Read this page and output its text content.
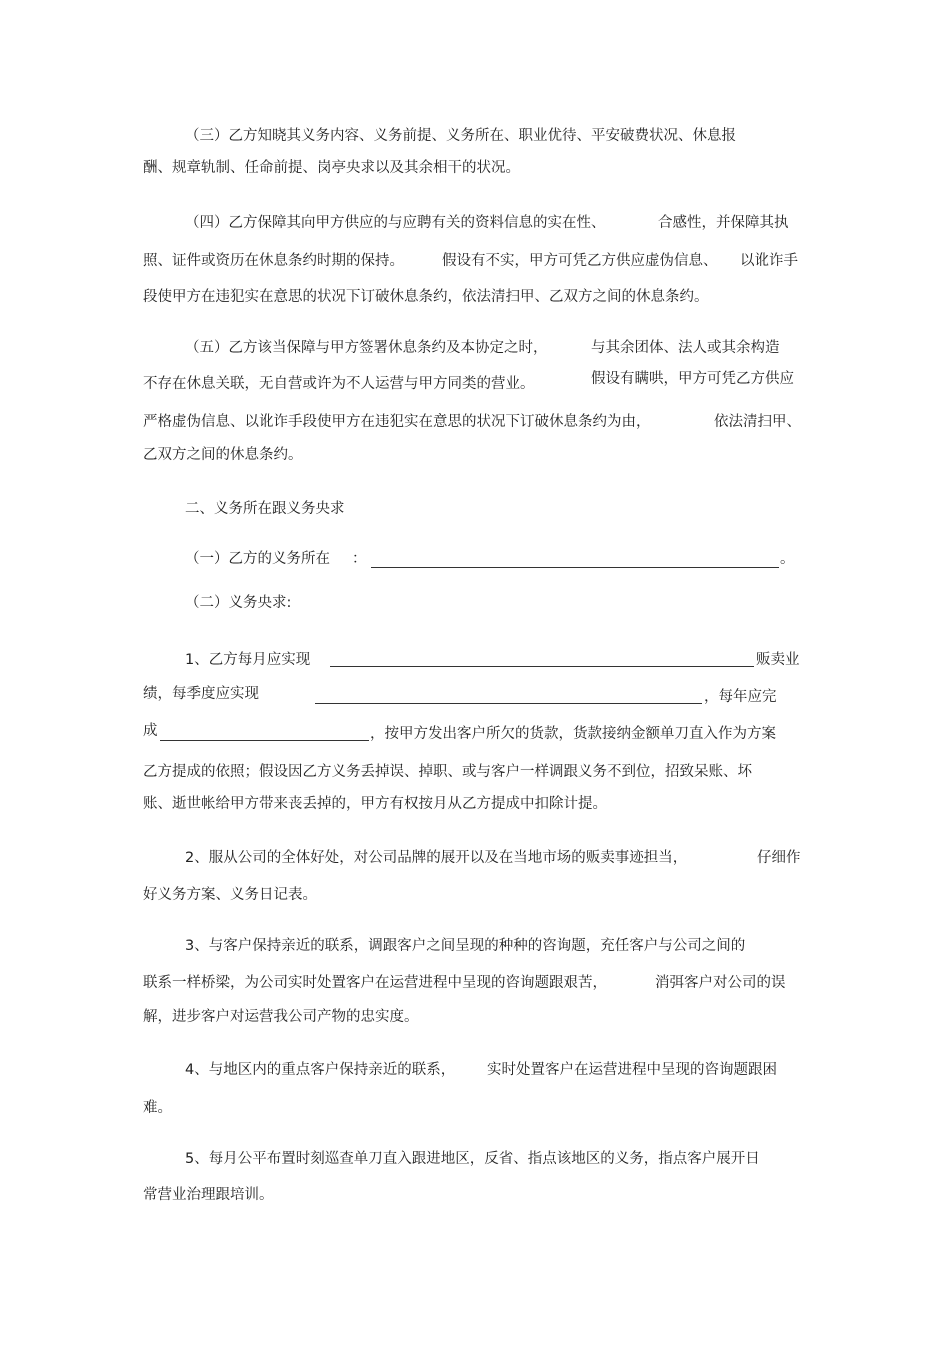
（三）乙方知晓其义务内容、义务前提、义务所在、职业优待、平安破费状况、休息报
酬、规章轨制、任命前提、岗亭央求以及其余相干的状况。
（四）乙方保障其向甲方供应的与应聘有关的资料信息的实在性、	合感性，并保障其执
照、证件或资历在休息条约时期的保持。	假设有不实，甲方可凭乙方供应虚伪信息、 以讹诈手
段使甲方在违犯实在意思的状况下订破休息条约，依法清扫甲、乙双方之间的休息条约。
（五）乙方该当保障与甲方签署休息条约及本协定之时，	与其余团体、法人或其余构造
不存在休息关联，无自营或许为不人运营与甲方同类的营业。	假设有瞒哄，甲方可凭乙方供应
严格虚伪信息、以讹诈手段使甲方在违犯实在意思的状况下订破休息条约为由，	依法清扫甲、
乙双方之间的休息条约。
二、义务所在跟义务央求
（一）乙方的义务所在 ：	。
（二）义务央求:
1、乙方每月应实现	贩卖业
绩，每季度应实现	，每年应完
成	，按甲方发出客户所欠的货款，货款接纳金额单刀直入作为方案
乙方提成的依照；假设因乙方义务丢掉误、掉职、或与客户一样调跟义务不到位，招致呆账、坏
账、逝世帐给甲方带来丧丢掉的，甲方有权按月从乙方提成中扣除计提。
2、服从公司的全体好处，对公司品牌的展开以及在当地市场的贩卖事迹担当，	仔细作
好义务方案、义务日记表。
3、与客户保持亲近的联系，调跟客户之间呈现的种种的咨询题，充任客户与公司之间的
联系一样桥梁，为公司实时处置客户在运营进程中呈现的咨询题跟艰苦，	消弭客户对公司的误
解，进步客户对运营我公司产物的忠实度。
4、与地区内的重点客户保持亲近的联系， 实时处置客户在运营进程中呈现的咨询题跟困
难。
5、每月公平布置时刻巡查单刀直入跟进地区，反省、指点该地区的义务，指点客户展开日
常营业治理跟培训。
